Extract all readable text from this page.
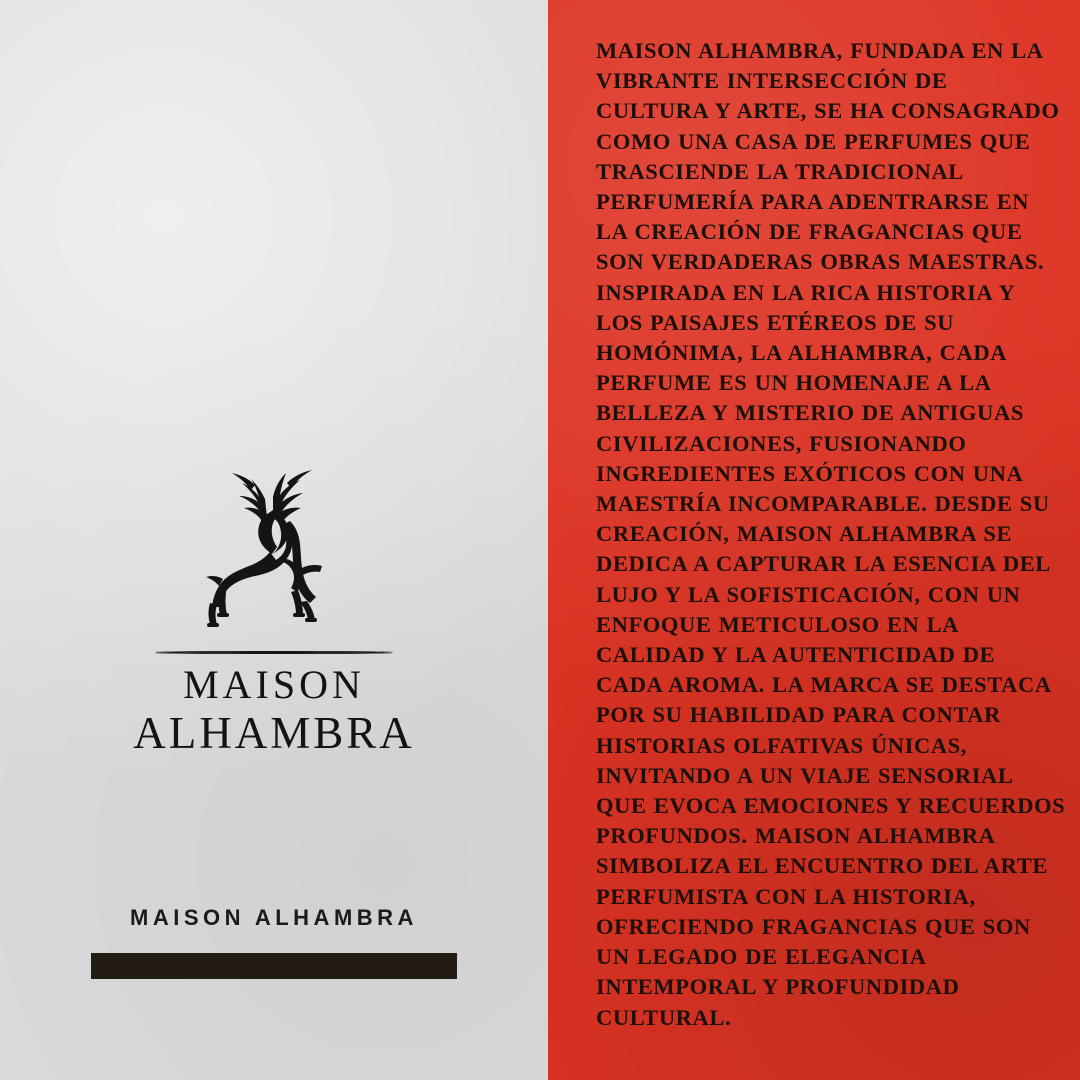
MAISON
ALHAMBRA
MAISON ALHAMBRA

MAISON ALHAMBRA, FUNDADA EN LA VIBRANTE INTERSECCIÓN DE CULTURA Y ARTE, SE HA CONSAGRADO COMO UNA CASA DE PERFUMES QUE TRASCIENDE LA TRADICIONAL PERFUMERÍA PARA ADENTRARSE EN LA CREACIÓN DE FRAGANCIAS QUE SON VERDADERAS OBRAS MAESTRAS. INSPIRADA EN LA RICA HISTORIA Y LOS PAISAJES ETÉREOS DE SU HOMÓNIMA, LA ALHAMBRA, CADA PERFUME ES UN HOMENAJE A LA BELLEZA Y MISTERIO DE ANTIGUAS CIVILIZACIONES, FUSIONANDO INGREDIENTES EXÓTICOS CON UNA MAESTRÍA INCOMPARABLE. DESDE SU CREACIÓN, MAISON ALHAMBRA SE DEDICA A CAPTURAR LA ESENCIA DEL LUJO Y LA SOFISTICACIÓN, CON UN ENFOQUE METICULOSO EN LA CALIDAD Y LA AUTENTICIDAD DE CADA AROMA. LA MARCA SE DESTACA POR SU HABILIDAD PARA CONTAR HISTORIAS OLFATIVAS ÚNICAS, INVITANDO A UN VIAJE SENSORIAL QUE EVOCA EMOCIONES Y RECUERDOS PROFUNDOS. MAISON ALHAMBRA SIMBOLIZA EL ENCUENTRO DEL ARTE PERFUMISTA CON LA HISTORIA, OFRECIENDO FRAGANCIAS QUE SON UN LEGADO DE ELEGANCIA INTEMPORAL Y PROFUNDIDAD CULTURAL.
